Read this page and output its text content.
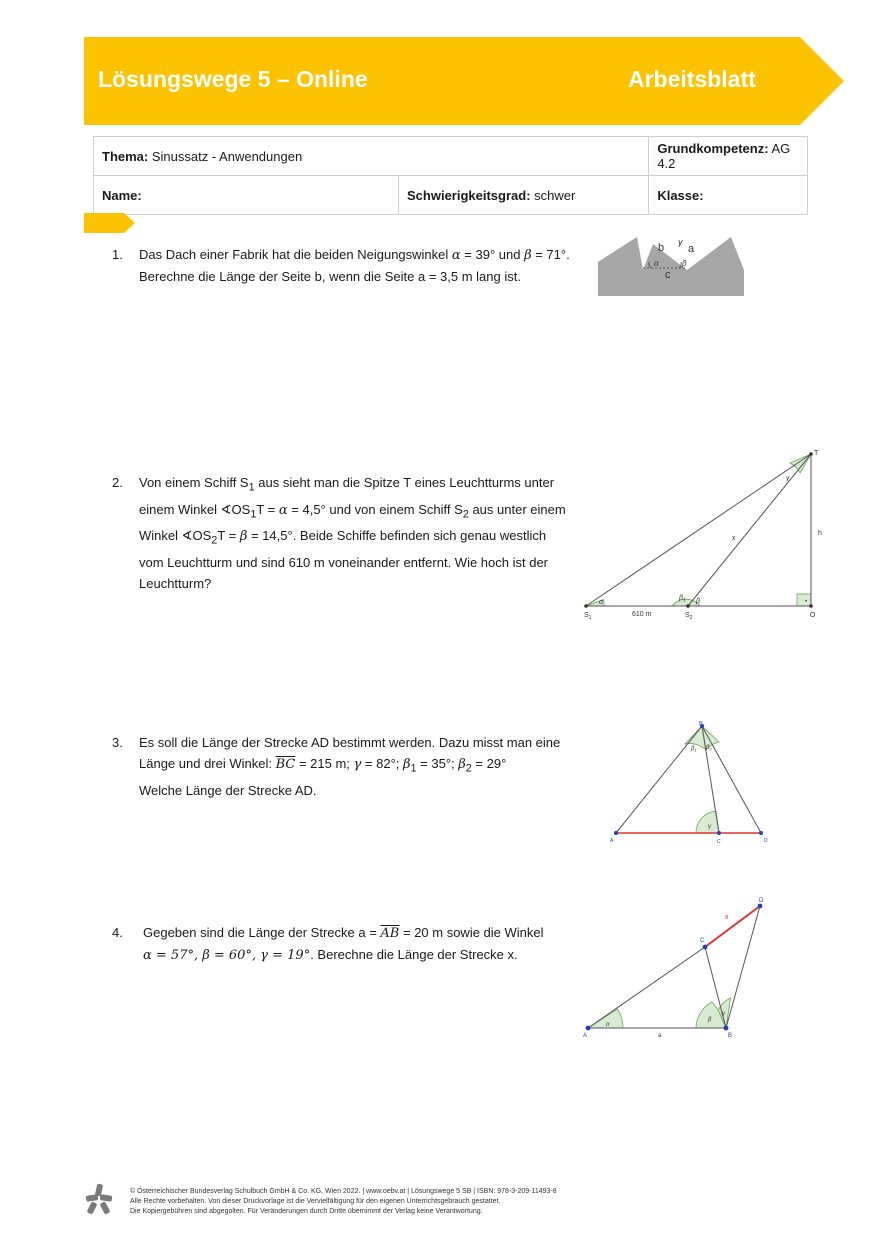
Lösungswege 5 – Online	Arbeitsblatt
Thema: Sinussatz - Anwendungen		Grundkompetenz: AG 4.2
Name:	Schwierigkeitsgrad: schwer	Klasse:
1. Das Dach einer Fabrik hat die beiden Neigungswinkel α = 39° und β = 71°.
Berechne die Länge der Seite b, wenn die Seite a = 3,5 m lang ist.
b γ
a
α	β
c
2. Von einem Schiff $S_1$ aus sieht man die Spitze T eines Leuchtturms unter
einem Winkel $∢OS_1T = \alpha = 4,5^\circ$ und von einem Schiff $S_2$ aus unter einem
Winkel $∢OS_2T = \beta = 14,5^\circ$. Beide Schiffe befinden sich genau westlich
vom Leuchtturm und sind 610 m voneinander entfernt. Wie hoch ist der
Leuchtturm?
T
γ
h
x
α
$\beta_1$ β	•
$S_1$	610 m	$S_2$	O
3. Es soll die Länge der Strecke AD bestimmt werden. Dazu misst man eine
Länge und drei Winkel: $\overline{BC} = 215$ m; γ = 82°; $\beta_1 = 35^\circ$; $\beta_2 = 29^\circ$
Welche Länge der Strecke AD.
B
$\beta_1$ $\beta_2$
γ
A	C	D
4. Gegeben sind die Länge der Strecke $a = \overline{AB} = 20$ m sowie die Winkel
α = 57°, β = 60°, γ = 19°. Berechne die Länge der Strecke x.
D
x
C
γ
β
α
A	a	B
© Österreichischer Bundesverlag Schulbuch GmbH & Co. KG, Wien 2022. | www.oebv.at | Lösungswege 5 SB | ISBN: 978-3-209-11493-8
Alle Rechte vorbehalten. Von dieser Druckvorlage ist die Vervielfältigung für den eigenen Unterrichtsgebrauch gestattet.
Die Kopiergebühren sind abgegolten. Für Veränderungen durch Dritte übernimmt der Verlag keine Verantwortung.
